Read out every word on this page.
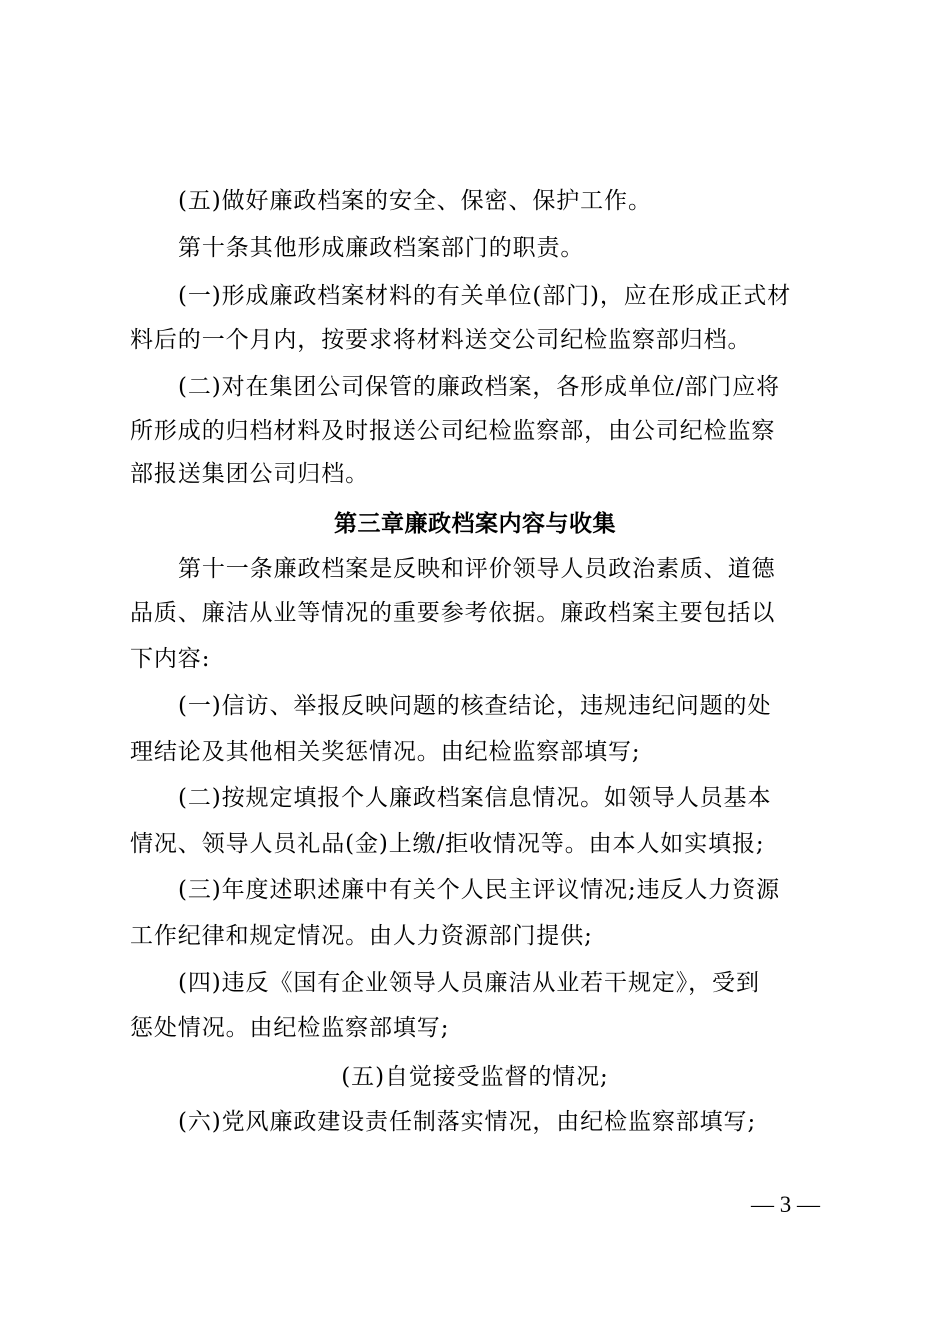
(五)做好廉政档案的安全、保密、保护工作。
第十条其他形成廉政档案部门的职责。
(一)形成廉政档案材料的有关单位(部门)，应在形成正式材
料后的一个月内，按要求将材料送交公司纪检监察部归档。
(二)对在集团公司保管的廉政档案，各形成单位/部门应将
所形成的归档材料及时报送公司纪检监察部，由公司纪检监察
部报送集团公司归档。
第三章廉政档案内容与收集
第十一条廉政档案是反映和评价领导人员政治素质、道德
品质、廉洁从业等情况的重要参考依据。廉政档案主要包括以
下内容:
(一)信访、举报反映问题的核查结论，违规违纪问题的处
理结论及其他相关奖惩情况。由纪检监察部填写;
(二)按规定填报个人廉政档案信息情况。如领导人员基本
情况、领导人员礼品(金)上缴/拒收情况等。由本人如实填报;
(三)年度述职述廉中有关个人民主评议情况;违反人力资源
工作纪律和规定情况。由人力资源部门提供;
(四)违反《国有企业领导人员廉洁从业若干规定》，受到
惩处情况。由纪检监察部填写;
(五)自觉接受监督的情况;
(六)党风廉政建设责任制落实情况，由纪检监察部填写;
— 3 —
